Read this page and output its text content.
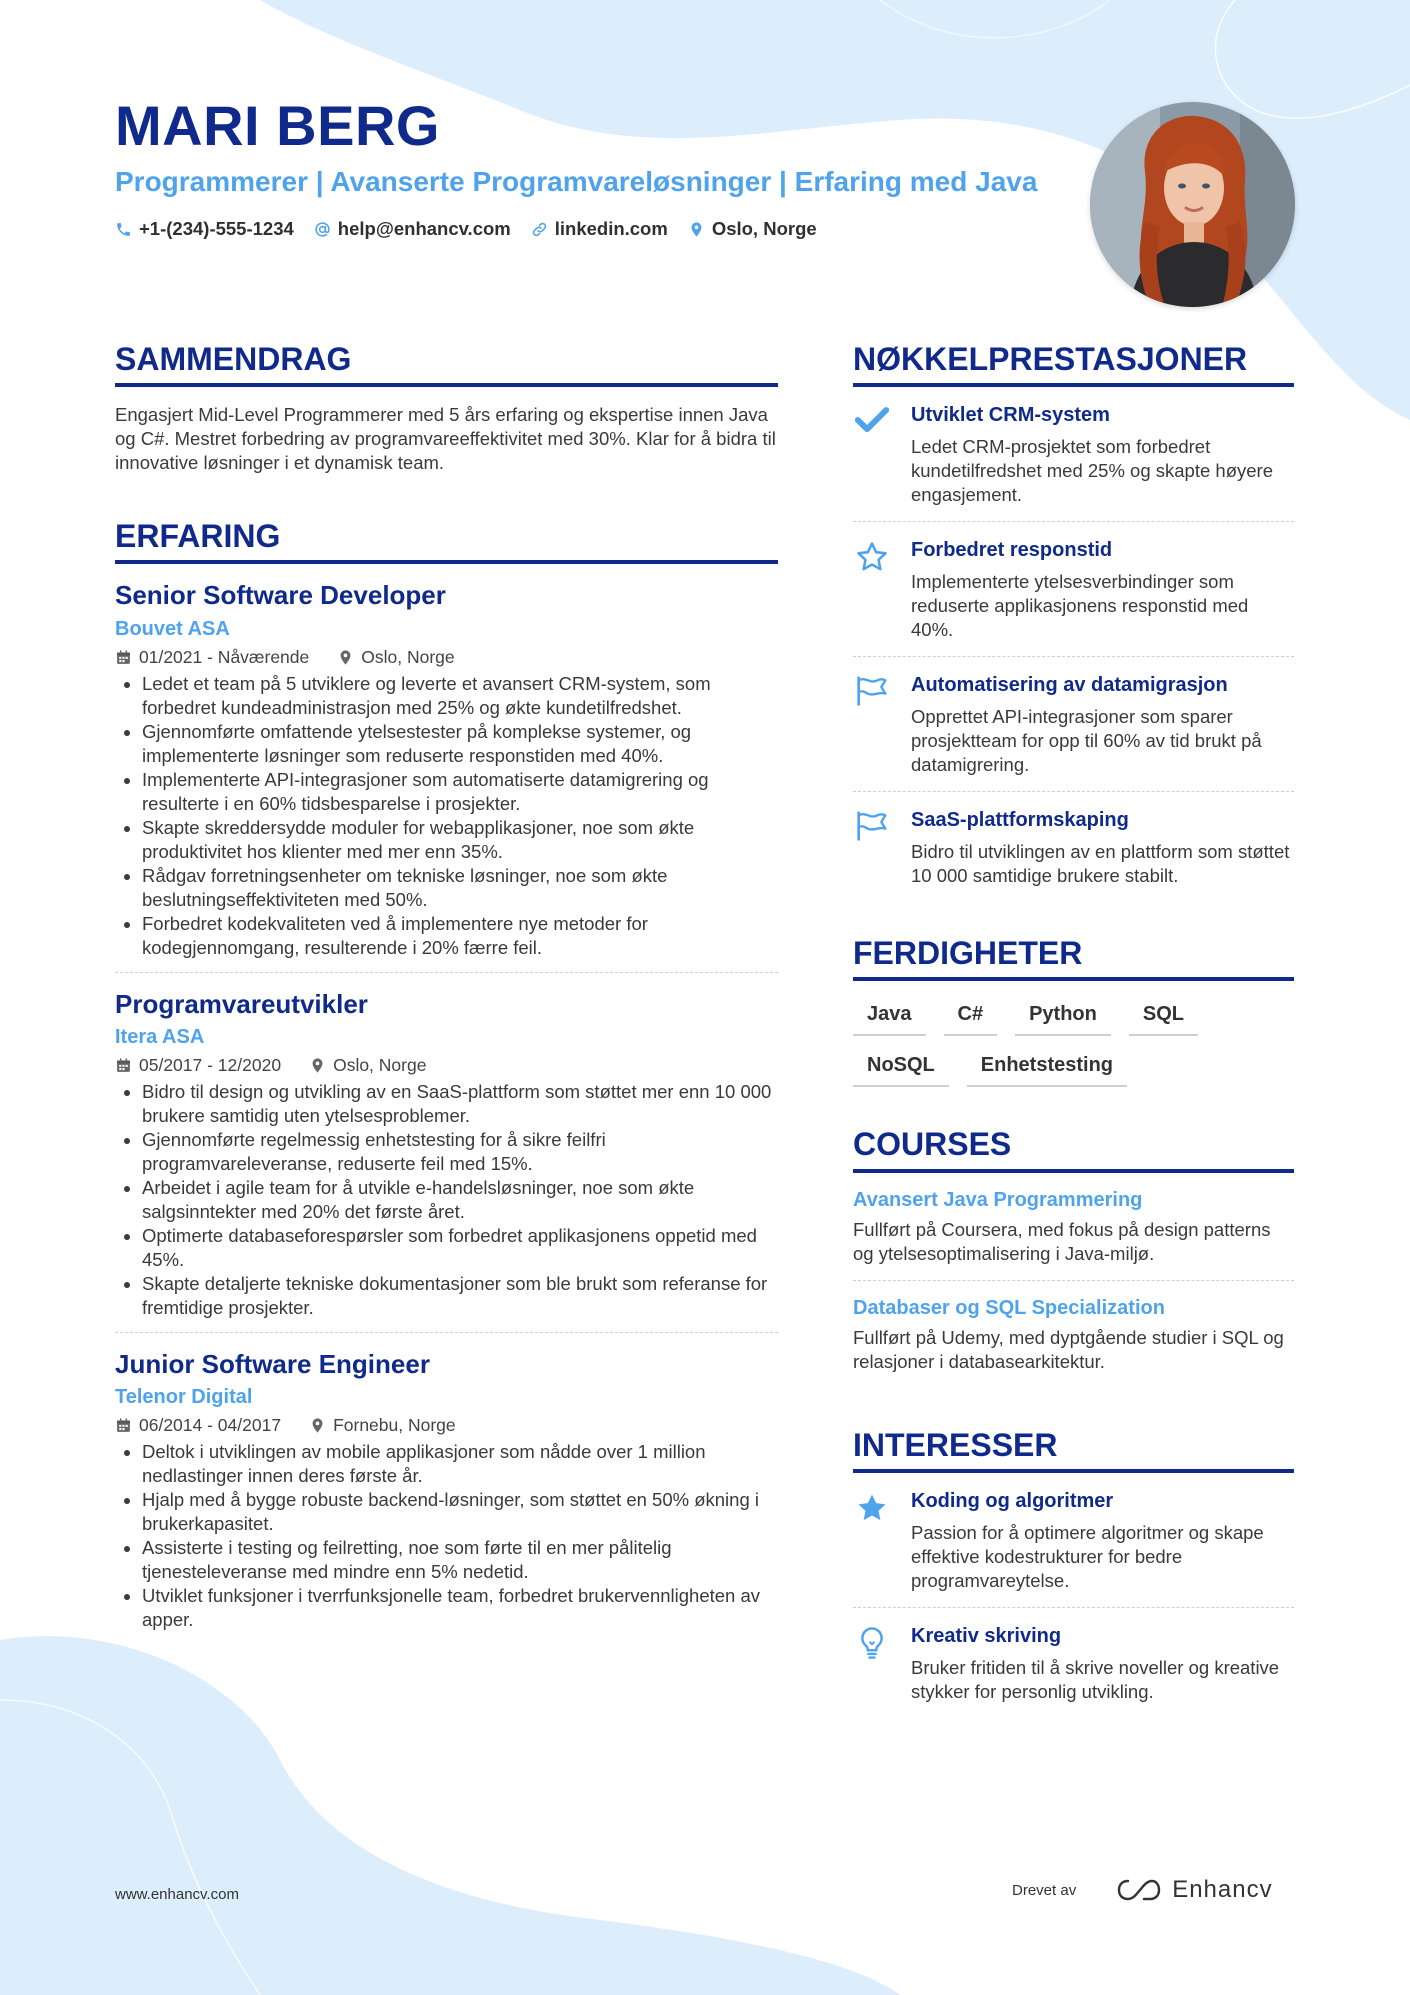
MARI BERG

Programmerer | Avanserte Programvareløsninger | Erfaring med Java

+1-(234)-555-1234 help@enhancv.com linkedin.com Oslo, Norge
SAMMENDRAG

Engasjert Mid-Level Programmerer med 5 års erfaring og ekspertise innen Java og C#. Mestret forbedring av programvareeffektivitet med 30%. Klar for å bidra til innovative løsninger i et dynamisk team.

ERFARING
Senior Software Developer
Bouvet ASA
01/2021 - Nåværende	Oslo, Norge
• Ledet et team på 5 utviklere og leverte et avansert CRM-system, som forbedret kundeadministrasjon med 25% og økte kundetilfredshet.
• Gjennomførte omfattende ytelsestester på komplekse systemer, og implementerte løsninger som reduserte responstiden med 40%.
• Implementerte API-integrasjoner som automatiserte datamigrering og resulterte i en 60% tidsbesparelse i prosjekter.
• Skapte skreddersydde moduler for webapplikasjoner, noe som økte produktivitet hos klienter med mer enn 35%.
• Rådgav forretningsenheter om tekniske løsninger, noe som økte beslutningseffektiviteten med 50%.
• Forbedret kodekvaliteten ved å implementere nye metoder for kodegjennomgang, resulterende i 20% færre feil.
Programvareutvikler
Itera ASA
05/2017 - 12/2020	Oslo, Norge
• Bidro til design og utvikling av en SaaS-plattform som støttet mer enn 10 000 brukere samtidig uten ytelsesproblemer.
• Gjennomførte regelmessig enhetstesting for å sikre feilfri programvareleveranse, reduserte feil med 15%.
• Arbeidet i agile team for å utvikle e-handelsløsninger, noe som økte salgsinntekter med 20% det første året.
• Optimerte databaseforespørsler som forbedret applikasjonens oppetid med 45%.
• Skapte detaljerte tekniske dokumentasjoner som ble brukt som referanse for fremtidige prosjekter.
Junior Software Engineer
Telenor Digital
06/2014 - 04/2017	Fornebu, Norge
• Deltok i utviklingen av mobile applikasjoner som nådde over 1 million nedlastinger innen deres første år.
• Hjalp med å bygge robuste backend-løsninger, som støttet en 50% økning i brukerkapasitet.
• Assisterte i testing og feilretting, noe som førte til en mer pålitelig tjenesteleveranse med mindre enn 5% nedetid.
• Utviklet funksjoner i tverrfunksjonelle team, forbedret brukervennligheten av apper.
NØKKELPRESTASJONER
Utviklet CRM-system
Ledet CRM-prosjektet som forbedret kundetilfredshet med 25% og skapte høyere engasjement.
Forbedret responstid
Implementerte ytelsesverbindinger som reduserte applikasjonens responstid med 40%.
Automatisering av datamigrasjon
Opprettet API-integrasjoner som sparer prosjektteam for opp til 60% av tid brukt på datamigrering.
SaaS-plattformskaping
Bidro til utviklingen av en plattform som støttet 10 000 samtidige brukere stabilt.
FERDIGHETER
Java	C#	Python	SQL
NoSQL	Enhetstesting
COURSES
Avansert Java Programmering
Fullført på Coursera, med fokus på design patterns og ytelsesoptimalisering i Java-miljø.
Databaser og SQL Specialization
Fullført på Udemy, med dyptgående studier i SQL og relasjoner i databasearkitektur.
INTERESSER
Koding og algoritmer
Passion for å optimere algoritmer og skape effektive kodestrukturer for bedre programvareytelse.
Kreativ skriving
Bruker fritiden til å skrive noveller og kreative stykker for personlig utvikling.
www.enhancv.com	Drevet av	Enhancv
